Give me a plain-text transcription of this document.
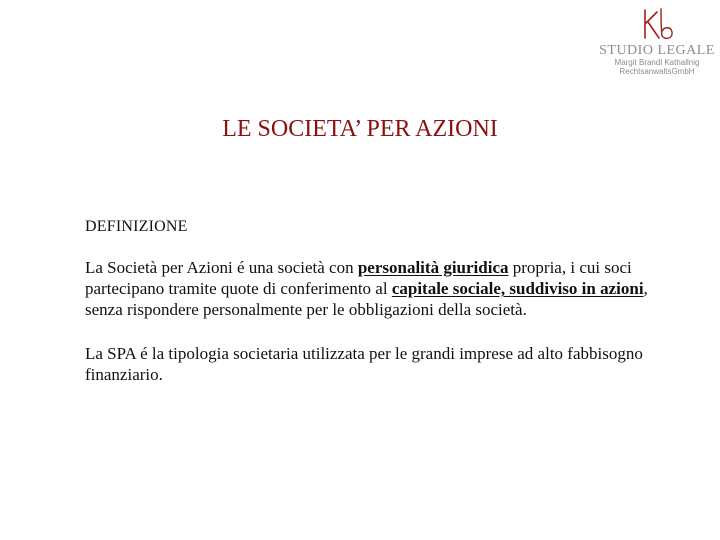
STUDIO LEGALE
Margit Brandl Kathallnig
RechtsanwaltsGmbH
LE SOCIETA’ PER AZIONI

DEFINIZIONE

La Società per Azioni é una società con personalità giuridica propria, i cui soci partecipano tramite quote di conferimento al capitale sociale, suddiviso in azioni, senza rispondere personalmente per le obbligazioni della società.

La SPA é la tipologia societaria utilizzata per le grandi imprese ad alto fabbisogno finanziario.
